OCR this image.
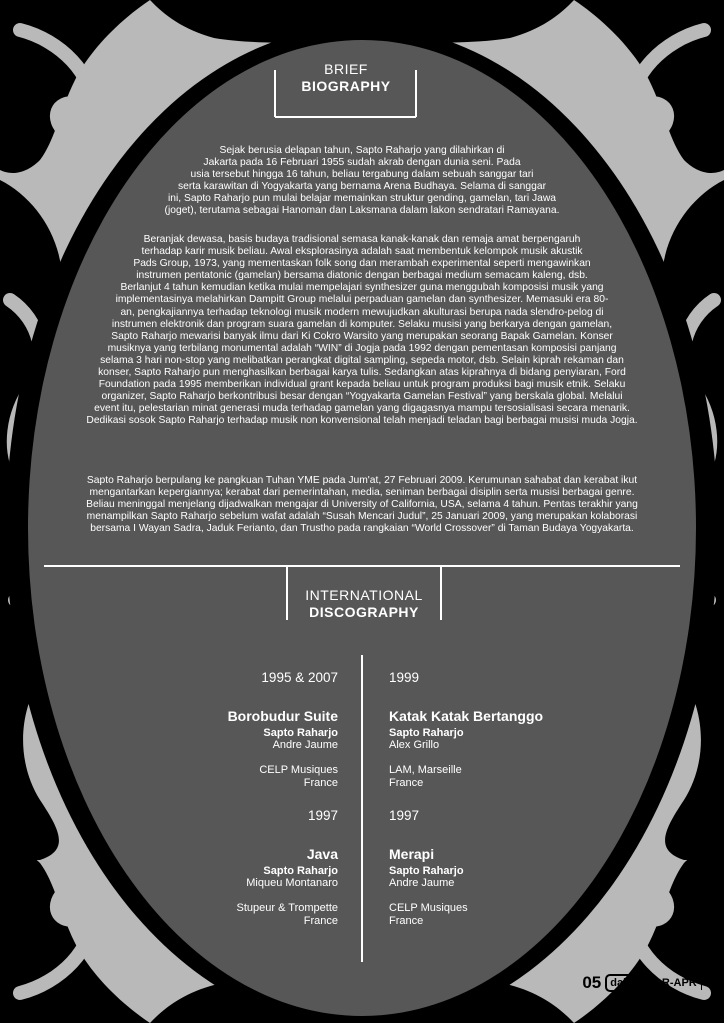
BRIEF
BIOGRAPHY
Sejak berusia delapan tahun, Sapto Raharjo yang dilahirkan di
Jakarta pada 16 Februari 1955 sudah akrab dengan dunia seni. Pada
usia tersebut hingga 16 tahun, beliau tergabung dalam sebuah sanggar tari
serta karawitan di Yogyakarta yang bernama Arena Budhaya. Selama di sanggar
ini, Sapto Raharjo pun mulai belajar memainkan struktur gending, gamelan, tari Jawa
(joget), terutama sebagai Hanoman dan Laksmana dalam lakon sendratari Ramayana.
Beranjak dewasa, basis budaya tradisional semasa kanak-kanak dan remaja amat berpengaruh
terhadap karir musik beliau. Awal eksplorasinya adalah saat membentuk kelompok musik akustik
Pads Group, 1973, yang mementaskan folk song dan merambah experimental seperti mengawinkan
instrumen pentatonic (gamelan) bersama diatonic dengan berbagai medium semacam kaleng, dsb.
Berlanjut 4 tahun kemudian ketika mulai mempelajari synthesizer guna menggubah komposisi musik yang
implementasinya melahirkan Dampitt Group melalui perpaduan gamelan dan synthesizer. Memasuki era 80-
an, pengkajiannya terhadap teknologi musik modern mewujudkan akulturasi berupa nada slendro-pelog di
instrumen elektronik dan program suara gamelan di komputer. Selaku musisi yang berkarya dengan gamelan,
Sapto Raharjo mewarisi banyak ilmu dari Ki Cokro Warsito yang merupakan seorang Bapak Gamelan. Konser
musiknya yang terbilang monumental adalah “WIN” di Jogja pada 1992 dengan pementasan komposisi panjang
selama 3 hari non-stop yang melibatkan perangkat digital sampling, sepeda motor, dsb. Selain kiprah rekaman dan
konser, Sapto Raharjo pun menghasilkan berbagai karya tulis. Sedangkan atas kiprahnya di bidang penyiaran, Ford
Foundation pada 1995 memberikan individual grant kepada beliau untuk program produksi bagi musik etnik. Selaku
organizer, Sapto Raharjo berkontribusi besar dengan “Yogyakarta Gamelan Festival” yang berskala global. Melalui
event itu, pelestarian minat generasi muda terhadap gamelan yang digagasnya mampu tersosialisasi secara menarik.
Dedikasi sosok Sapto Raharjo terhadap musik non konvensional telah menjadi teladan bagi berbagai musisi muda Jogja.
Sapto Raharjo berpulang ke pangkuan Tuhan YME pada Jum'at, 27 Februari 2009. Kerumunan sahabat dan kerabat ikut
mengantarkan kepergiannya; kerabat dari pemerintahan, media, seniman berbagai disiplin serta musisi berbagai genre.
Beliau meninggal menjelang dijadwalkan mengajar di University of California, USA, selama 4 tahun. Pentas terakhir yang
menampilkan Sapto Raharjo sebelum wafat adalah “Susah Mencari Judul”, 25 Januari 2009, yang merupakan kolaborasi
bersama I Wayan Sadra, Jaduk Ferianto, dan Trustho pada rangkaian “World Crossover” di Taman Budaya Yogyakarta.
INTERNATIONAL
DISCOGRAPHY
1995 & 2007
Borobudur Suite
Sapto Raharjo
Andre Jaume
CELP Musiques
France
1999
Katak Katak Bertanggo
Sapto Raharjo
Alex Grillo
LAM, Marseille
France
1997
Java
Sapto Raharjo
Miqueu Montanaro
Stupeur & Trompette
France
1997
Merapi
Sapto Raharjo
Andre Jaume
CELP Musiques
France
05 dab	MAR-APR 09
